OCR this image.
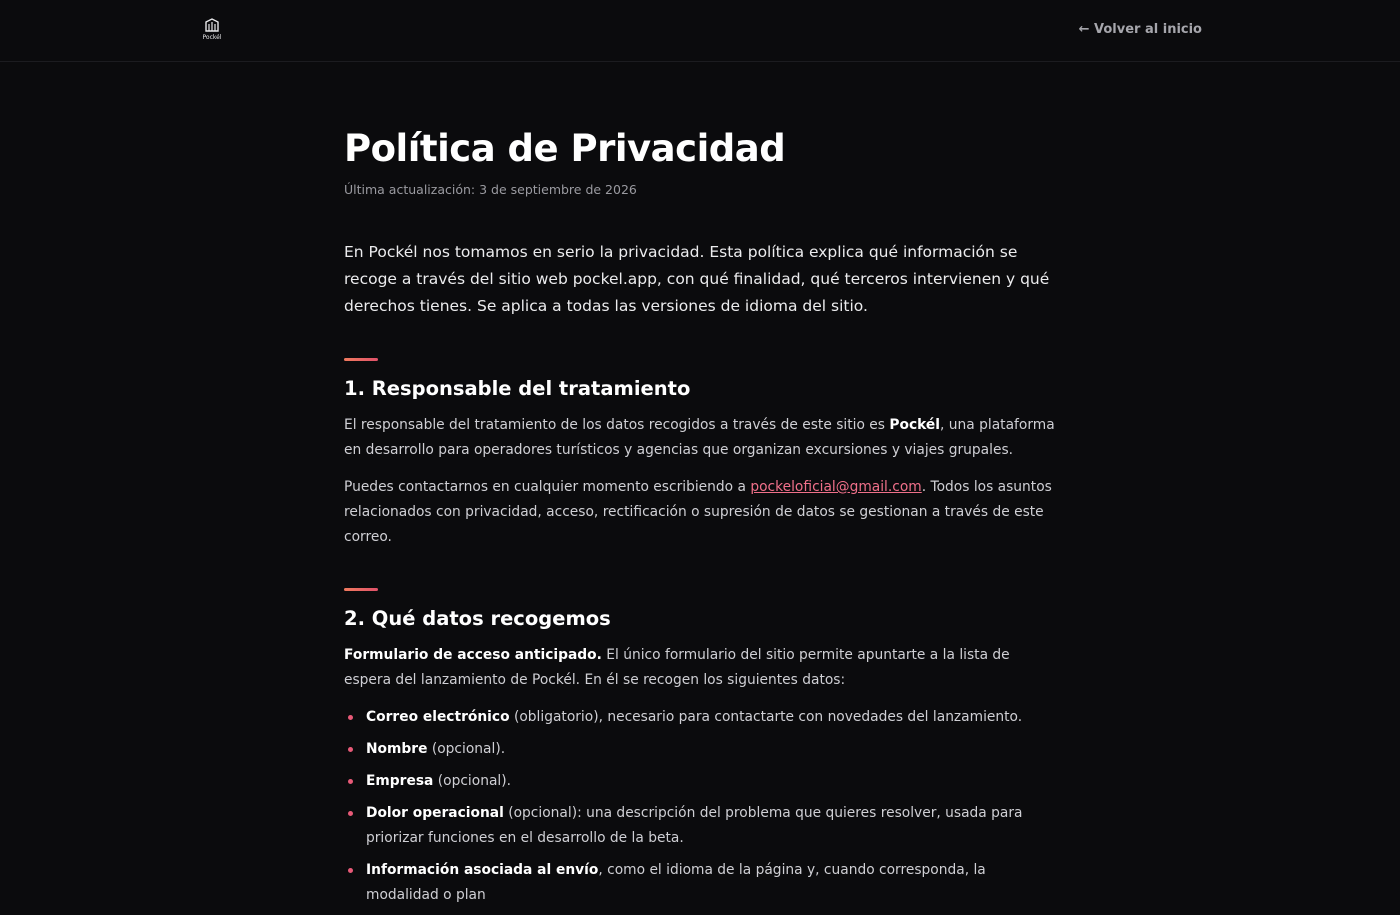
Pockél
← Volver al inicio
Política de Privacidad
Última actualización: 3 de septiembre de 2026

En Pockél nos tomamos en serio la privacidad. Esta política explica qué información se recoge a través del sitio web pockel.app, con qué finalidad, qué terceros intervienen y qué derechos tienes. Se aplica a todas las versiones de idioma del sitio.

1. Responsable del tratamiento

El responsable del tratamiento de los datos recogidos a través de este sitio es Pockél, una plataforma en desarrollo para operadores turísticos y agencias que organizan excursiones y viajes grupales.

Puedes contactarnos en cualquier momento escribiendo a pockeloficial@gmail.com. Todos los asuntos relacionados con privacidad, acceso, rectificación o supresión de datos se gestionan a través de este correo.

2. Qué datos recogemos

Formulario de acceso anticipado. El único formulario del sitio permite apuntarte a la lista de espera del lanzamiento de Pockél. En él se recogen los siguientes datos:

Correo electrónico (obligatorio), necesario para contactarte con novedades del lanzamiento.
Nombre (opcional).
Empresa (opcional).
Dolor operacional (opcional): una descripción del problema que quieres resolver, usada para priorizar funciones en el desarrollo de la beta.
Información asociada al envío, como el idioma de la página y, cuando corresponda, la modalidad o plan
